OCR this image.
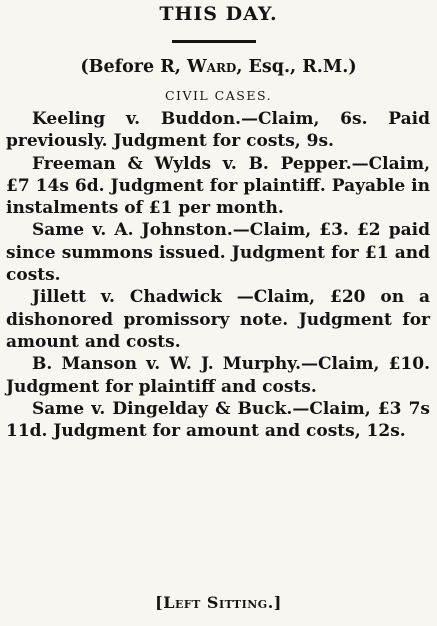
THIS DAY.
(Before R, Ward, Esq., R.M.)
CIVIL CASES.

Keeling v. Buddon.—Claim, 6s. Paid previously. Judgment for costs, 9s.

Freeman & Wylds v. B. Pepper.—Claim, £7 14s 6d. Judgment for plaintiff. Payable in instalments of £1 per month.

Same v. A. Johnston.—Claim, £3. £2 paid since summons issued. Judgment for £1 and costs.

Jillett v. Chadwick —Claim, £20 on a dishonored promissory note. Judgment for amount and costs.

B. Manson v. W. J. Murphy.—Claim, £10. Judgment for plaintiff and costs.

Same v. Dingelday & Buck.—Claim, £3 7s 11d. Judgment for amount and costs, 12s.

[Left Sitting.]
